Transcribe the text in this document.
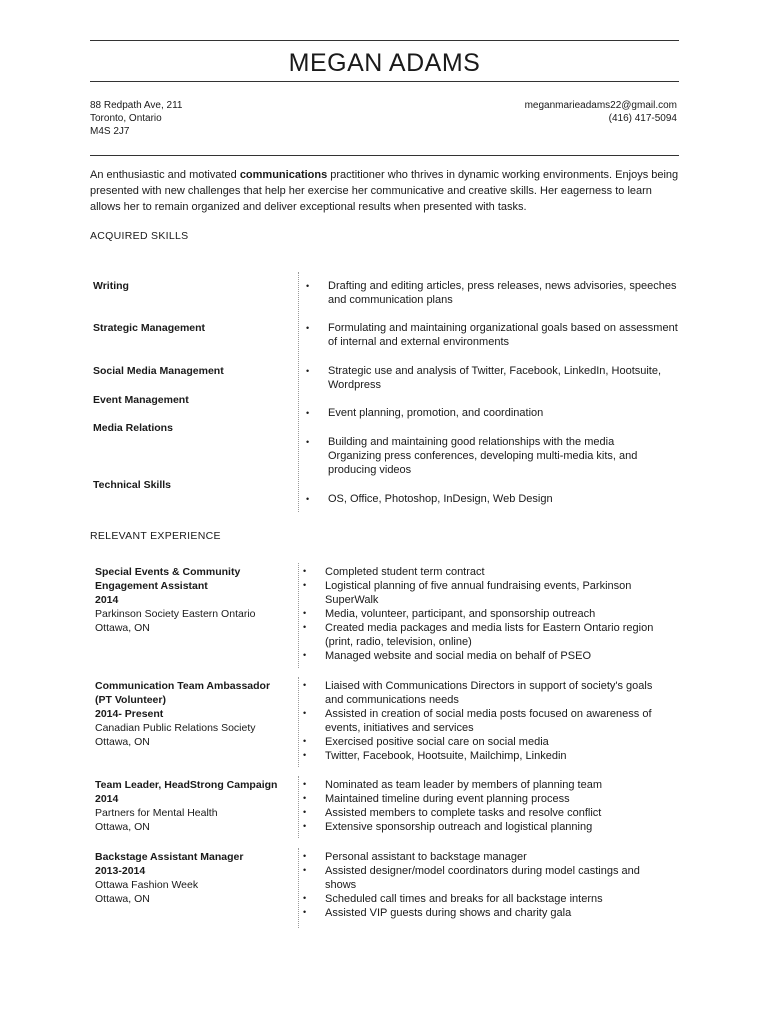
MEGAN ADAMS
88 Redpath Ave, 211
Toronto, Ontario
M4S 2J7
meganmarieadams22@gmail.com
(416) 417-5094
An enthusiastic and motivated communications practitioner who thrives in dynamic working environments. Enjoys being presented with new challenges that help her exercise her communicative and creative skills. Her eagerness to learn allows her to remain organized and deliver exceptional results when presented with tasks.
ACQUIRED SKILLS
Writing
Strategic Management
Social Media Management
Event Management
Media Relations
Technical Skills
• Drafting and editing articles, press releases, news advisories, speeches and communication plans
• Formulating and maintaining organizational goals based on assessment of internal and external environments
• Strategic use and analysis of Twitter, Facebook, LinkedIn, Hootsuite, Wordpress
• Event planning, promotion, and coordination
• Building and maintaining good relationships with the media Organizing press conferences, developing multi-media kits, and producing videos
• OS, Office, Photoshop, InDesign, Web Design
RELEVANT EXPERIENCE
Special Events & Community
Engagement Assistant
2014
Parkinson Society Eastern Ontario
Ottawa, ON
• Completed student term contract
• Logistical planning of five annual fundraising events, Parkinson
SuperWalk
• Media, volunteer, participant, and sponsorship outreach
• Created media packages and media lists for Eastern Ontario region
(print, radio, television, online)
• Managed website and social media on behalf of PSEO
Communication Team Ambassador
(PT Volunteer)
2014- Present
Canadian Public Relations Society
Ottawa, ON
• Liaised with Communications Directors in support of society's goals
and communications needs
• Assisted in creation of social media posts focused on awareness of
events, initiatives and services
• Exercised positive social care on social media
• Twitter, Facebook, Hootsuite, Mailchimp, Linkedin
Team Leader, HeadStrong Campaign
2014
Partners for Mental Health
Ottawa, ON
• Nominated as team leader by members of planning team
• Maintained timeline during event planning process
• Assisted members to complete tasks and resolve conflict
• Extensive sponsorship outreach and logistical planning
Backstage Assistant Manager
2013-2014
Ottawa Fashion Week
Ottawa, ON
• Personal assistant to backstage manager
• Assisted designer/model coordinators during model castings and
shows
• Scheduled call times and breaks for all backstage interns
• Assisted VIP guests during shows and charity gala
